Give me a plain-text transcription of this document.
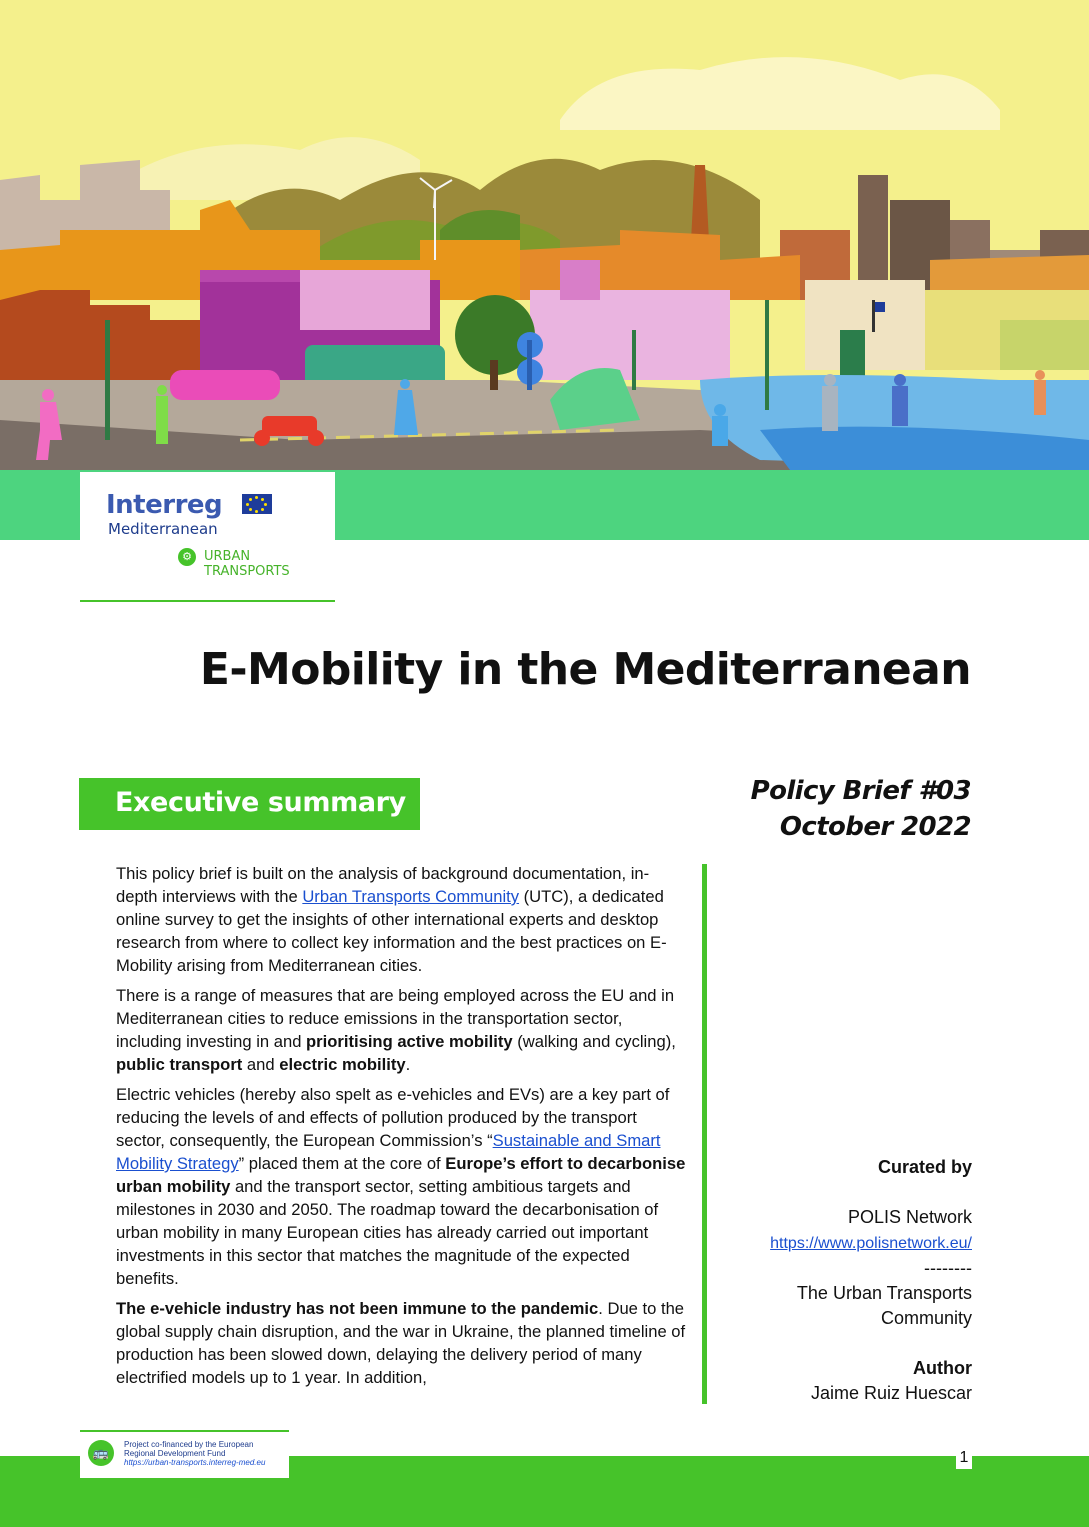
Interreg
Mediterranean
⚙ URBAN
TRANSPORTS
E-Mobility in the Mediterranean
Executive summary	Policy Brief #03
October 2022

This policy brief is built on the analysis of background documentation, in-depth interviews with the Urban Transports Community (UTC), a dedicated online survey to get the insights of other international experts and desktop research from where to collect key information and the best practices on E-Mobility arising from Mediterranean cities.

There is a range of measures that are being employed across the EU and in Mediterranean cities to reduce emissions in the transportation sector, including investing in and prioritising active mobility (walking and cycling), public transport and electric mobility.

Electric vehicles (hereby also spelt as e-vehicles and EVs) are a key part of reducing the levels of and effects of pollution produced by the transport sector, consequently, the European Commission’s “Sustainable and Smart Mobility Strategy” placed them at the core of Europe’s effort to decarbonise urban mobility and the transport sector, setting ambitious targets and milestones in 2030 and 2050. The roadmap toward the decarbonisation of urban mobility in many European cities has already carried out important investments in this sector that matches the magnitude of the expected benefits.

The e-vehicle industry has not been immune to the pandemic. Due to the global supply chain disruption, and the war in Ukraine, the planned timeline of production has been slowed down, delaying the delivery period of many electrified models up to 1 year. In addition,

Curated by
POLIS Network
https://www.polisnetwork.eu/
--------
The Urban Transports
Community
Author
Jaime Ruiz Huescar
🚌
Project co-financed by the European
Regional Development Fund
https://urban-transports.interreg-med.eu	1
